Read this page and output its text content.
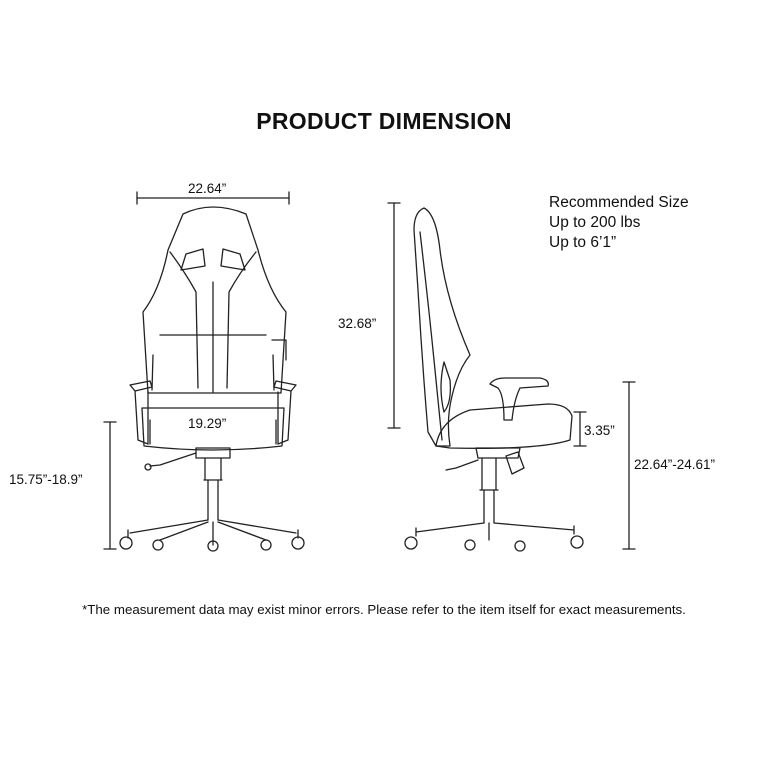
PRODUCT DIMENSION
22.64”
19.29”
15.75”-18.9”
32.68”
3.35”
22.64”-24.61”
Recommended Size
Up to 200 lbs
Up to 6’1”
*The measurement data may exist minor errors. Please refer to the item itself for exact measurements.
